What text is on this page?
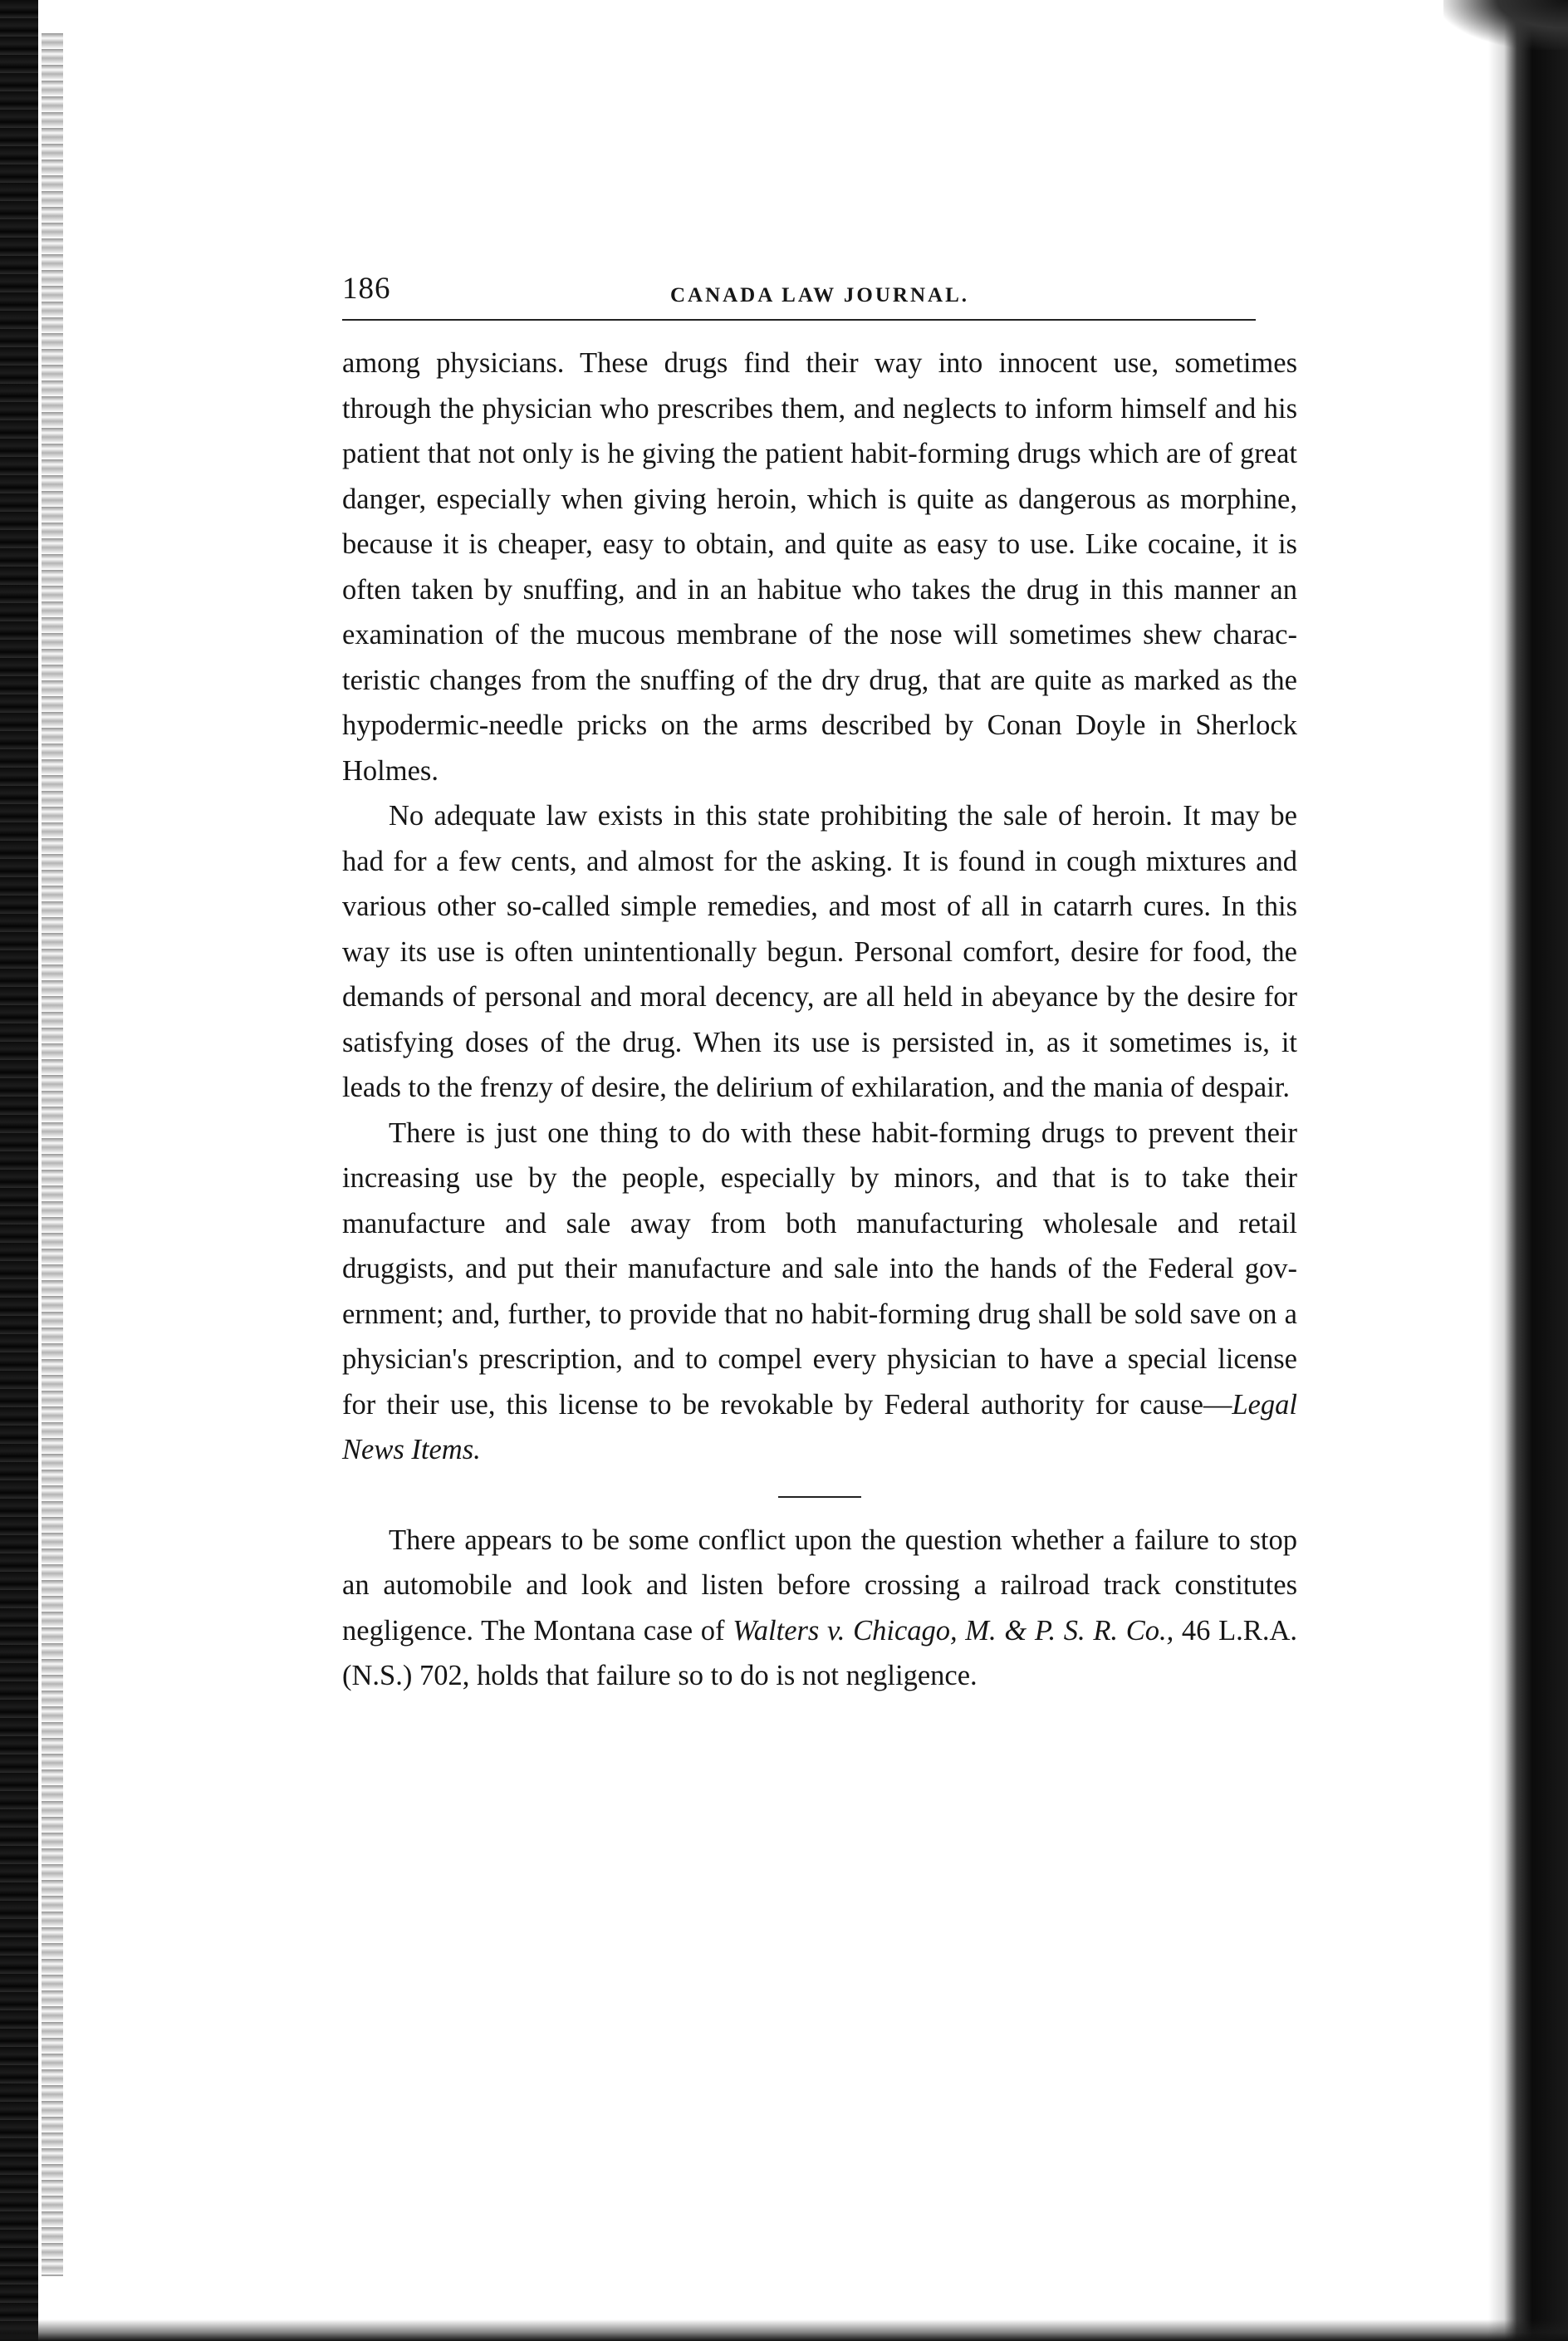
186	CANADA LAW JOURNAL.

among physicians. These drugs find their way into innocent use, sometimes through the physician who prescribes them, and neglects to inform himself and his patient that not only is he giving the patient habit-forming drugs which are of great danger, especially when giving heroin, which is quite as dangerous as morphine, because it is cheaper, easy to obtain, and quite as easy to use. Like cocaine, it is often taken by snuffing, and in an habitue who takes the drug in this manner an examination of the mucous membrane of the nose will sometimes shew characteristic changes from the snuffing of the dry drug, that are quite as marked as the hypodermic-needle pricks on the arms described by Conan Doyle in Sherlock Holmes.

No adequate law exists in this state prohibiting the sale of heroin. It may be had for a few cents, and almost for the asking. It is found in cough mixtures and various other so-called simple remedies, and most of all in catarrh cures. In this way its use is often unintentionally begun. Personal comfort, desire for food, the demands of personal and moral decency, are all held in abeyance by the desire for satisfying doses of the drug. When its use is persisted in, as it sometimes is, it leads to the frenzy of desire, the delirium of exhilaration, and the mania of despair.

There is just one thing to do with these habit-forming drugs to prevent their increasing use by the people, especially by minors, and that is to take their manufacture and sale away from both manufacturing wholesale and retail druggists, and put their manufacture and sale into the hands of the Federal government; and, further, to provide that no habit-forming drug shall be sold save on a physician's prescription, and to compel every physician to have a special license for their use, this license to be revokable by Federal authority for cause—Legal News Items.

There appears to be some conflict upon the question whether a failure to stop an automobile and look and listen before crossing a railroad track constitutes negligence. The Montana case of Walters v. Chicago, M. & P. S. R. Co., 46 L.R.A. (N.S.) 702, holds that failure so to do is not negligence.
